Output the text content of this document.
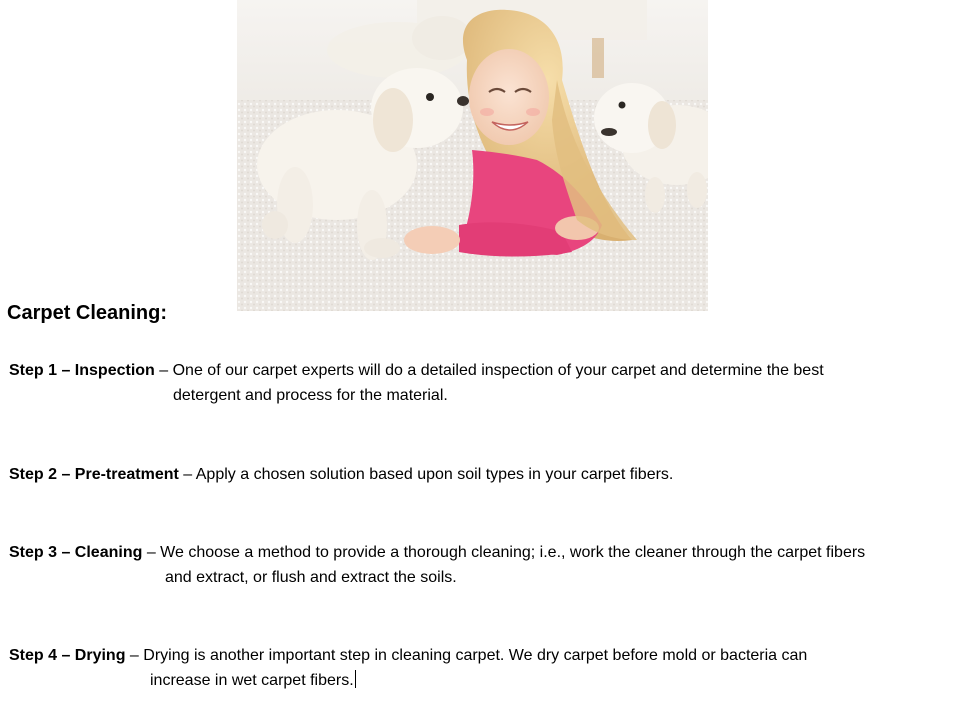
Carpet Cleaning:
Step 1 – Inspection – One of our carpet experts will do a detailed inspection of your carpet and determine the best
detergent and process for the material.
Step 2 – Pre-treatment – Apply a chosen solution based upon soil types in your carpet fibers.
Step 3 – Cleaning – We choose a method to provide a thorough cleaning; i.e., work the cleaner through the carpet fibers
and extract, or flush and extract the soils.
Step 4 – Drying – Drying is another important step in cleaning carpet. We dry carpet before mold or bacteria can
increase in wet carpet fibers.
